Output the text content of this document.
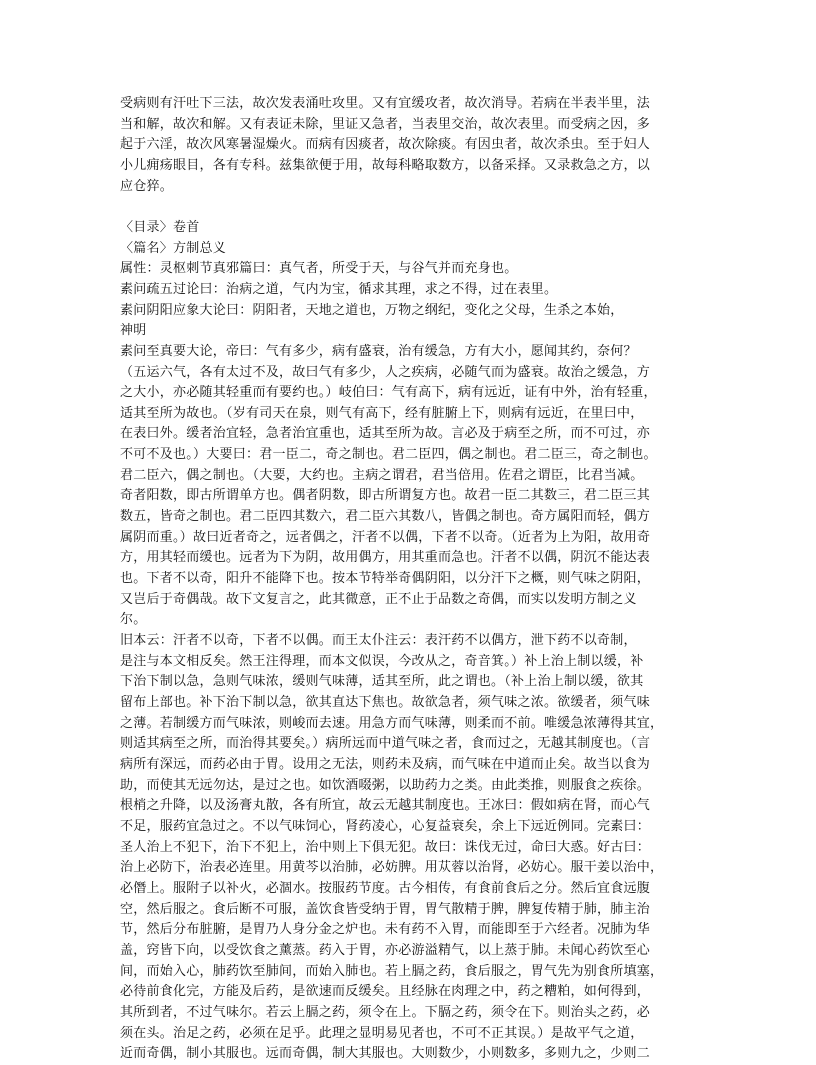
受病则有汗吐下三法，故次发表涌吐攻里。又有宜缓攻者，故次消导。若病在半表半里，法
当和解，故次和解。又有表证未除，里证又急者，当表里交治，故次表里。而受病之因，多
起于六淫，故次风寒暑湿燥火。而病有因痰者，故次除痰。有因虫者，故次杀虫。至于妇人
小儿痈疡眼目，各有专科。兹集欲便于用，故每科略取数方，以备采择。又录救急之方，以
应仓猝。
〈目录〉卷首
〈篇名〉方制总义
属性：灵枢刺节真邪篇曰：真气者，所受于天，与谷气并而充身也。
素问疏五过论曰：治病之道，气内为宝，循求其理，求之不得，过在表里。
素问阴阳应象大论曰：阴阳者，天地之道也，万物之纲纪，变化之父母，生杀之本始，
神明
素问至真要大论，帝曰：气有多少，病有盛衰，治有缓急，方有大小，愿闻其约，奈何？
（五运六气，各有太过不及，故曰气有多少，人之疾病，必随气而为盛衰。故治之缓急，方
之大小，亦必随其轻重而有要约也。）岐伯曰：气有高下，病有远近，证有中外，治有轻重，
适其至所为故也。（岁有司天在泉，则气有高下，经有脏腑上下，则病有远近，在里曰中，
在表曰外。缓者治宜轻，急者治宜重也，适其至所为故。言必及于病至之所，而不可过，亦
不可不及也。）大要曰：君一臣二，奇之制也。君二臣四，偶之制也。君二臣三，奇之制也。
君二臣六，偶之制也。（大要，大约也。主病之谓君，君当倍用。佐君之谓臣，比君当减。
奇者阳数，即古所谓单方也。偶者阴数，即古所谓复方也。故君一臣二其数三，君二臣三其
数五，皆奇之制也。君二臣四其数六，君二臣六其数八，皆偶之制也。奇方属阳而轻，偶方
属阴而重。）故曰近者奇之，远者偶之，汗者不以偶，下者不以奇。（近者为上为阳，故用奇
方，用其轻而缓也。远者为下为阴，故用偶方，用其重而急也。汗者不以偶，阴沉不能达表
也。下者不以奇，阳升不能降下也。按本节特举奇偶阴阳，以分汗下之概，则气味之阴阳，
又岂后于奇偶哉。故下文复言之，此其微意，正不止于品数之奇偶，而实以发明方制之义
尔。
旧本云：汗者不以奇，下者不以偶。而王太仆注云：表汗药不以偶方，泄下药不以奇制，
是注与本文相反矣。然王注得理，而本文似误，今改从之，奇音箕。）补上治上制以缓，补
下治下制以急，急则气味浓，缓则气味薄，适其至所，此之谓也。（补上治上制以缓，欲其
留布上部也。补下治下制以急，欲其直达下焦也。故欲急者，须气味之浓。欲缓者，须气味
之薄。若制缓方而气味浓，则峻而去速。用急方而气味薄，则柔而不前。唯缓急浓薄得其宜，
则适其病至之所，而治得其要矣。）病所远而中道气味之者，食而过之，无越其制度也。（言
病所有深远，而药必由于胃。设用之无法，则药未及病，而气味在中道而止矣。故当以食为
助，而使其无远勿达，是过之也。如饮酒啜粥，以助药力之类。由此类推，则服食之疾徐。
根梢之升降，以及汤膏丸散，各有所宜，故云无越其制度也。王冰曰：假如病在肾，而心气
不足，服药宜急过之。不以气味饲心，肾药凌心，心复益衰矣，余上下远近例同。完素曰：
圣人治上不犯下，治下不犯上，治中则上下俱无犯。故曰：诛伐无过，命曰大惑。好古曰：
治上必防下，治表必连里。用黄芩以治肺，必妨脾。用苁蓉以治肾，必妨心。服干姜以治中，
必僭上。服附子以补火，必涸水。按服药节度。古今相传，有食前食后之分。然后宜食远腹
空，然后服之。食后断不可服，盖饮食皆受纳于胃，胃气散精于脾，脾复传精于肺，肺主治
节，然后分布脏腑，是胃乃人身分金之炉也。未有药不入胃，而能即至于六经者。况肺为华
盖，窍皆下向，以受饮食之薰蒸。药入于胃，亦必游溢精气，以上蒸于肺。未闻心药饮至心
间，而始入心，肺药饮至肺间，而始入肺也。若上膈之药，食后服之，胃气先为别食所填塞，
必待前食化完，方能及后药，是欲速而反缓矣。且经脉在肉理之中，药之糟粕，如何得到，
其所到者，不过气味尔。若云上膈之药，须令在上。下膈之药，须令在下。则治头之药，必
须在头。治足之药，必须在足乎。此理之显明易见者也，不可不正其误。）是故平气之道，
近而奇偶，制小其服也。远而奇偶，制大其服也。大则数少，小则数多，多则九之，少则二
